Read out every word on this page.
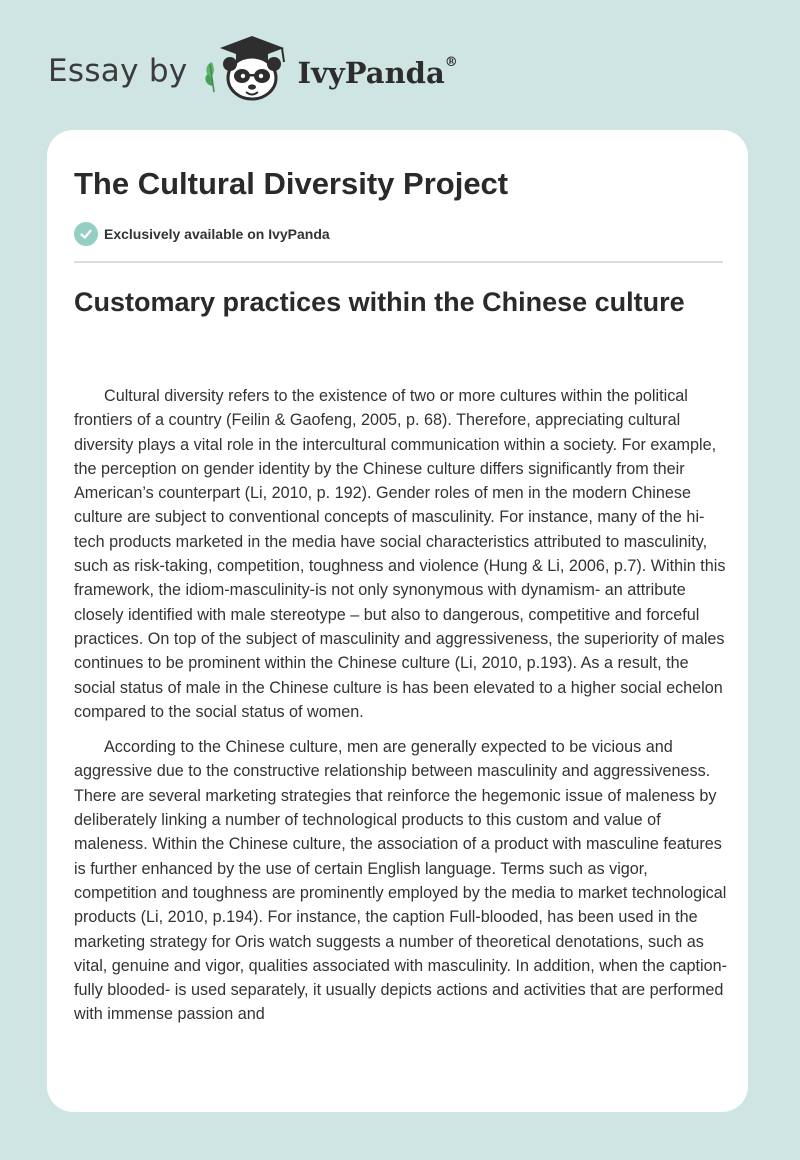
Essay by	IvyPanda®
The Cultural Diversity Project
Exclusively available on IvyPanda
Customary practices within the Chinese culture

Cultural diversity refers to the existence of two or more cultures within the political frontiers of a country (Feilin & Gaofeng, 2005, p. 68). Therefore, appreciating cultural diversity plays a vital role in the intercultural communication within a society. For example, the perception on gender identity by the Chinese culture differs significantly from their American’s counterpart (Li, 2010, p. 192). Gender roles of men in the modern Chinese culture are subject to conventional concepts of masculinity. For instance, many of the hi-tech products marketed in the media have social characteristics attributed to masculinity, such as risk-taking, competition, toughness and violence (Hung & Li, 2006, p.7). Within this framework, the idiom-masculinity-is not only synonymous with dynamism- an attribute closely identified with male stereotype – but also to dangerous, competitive and forceful practices. On top of the subject of masculinity and aggressiveness, the superiority of males continues to be prominent within the Chinese culture (Li, 2010, p.193). As a result, the social status of male in the Chinese culture is has been elevated to a higher social echelon compared to the social status of women.

According to the Chinese culture, men are generally expected to be vicious and aggressive due to the constructive relationship between masculinity and aggressiveness. There are several marketing strategies that reinforce the hegemonic issue of maleness by deliberately linking a number of technological products to this custom and value of maleness. Within the Chinese culture, the association of a product with masculine features is further enhanced by the use of certain English language. Terms such as vigor, competition and toughness are prominently employed by the media to market technological products (Li, 2010, p.194). For instance, the caption Full-blooded, has been used in the marketing strategy for Oris watch suggests a number of theoretical denotations, such as vital, genuine and vigor, qualities associated with masculinity. In addition, when the caption- fully blooded- is used separately, it usually depicts actions and activities that are performed with immense passion and
